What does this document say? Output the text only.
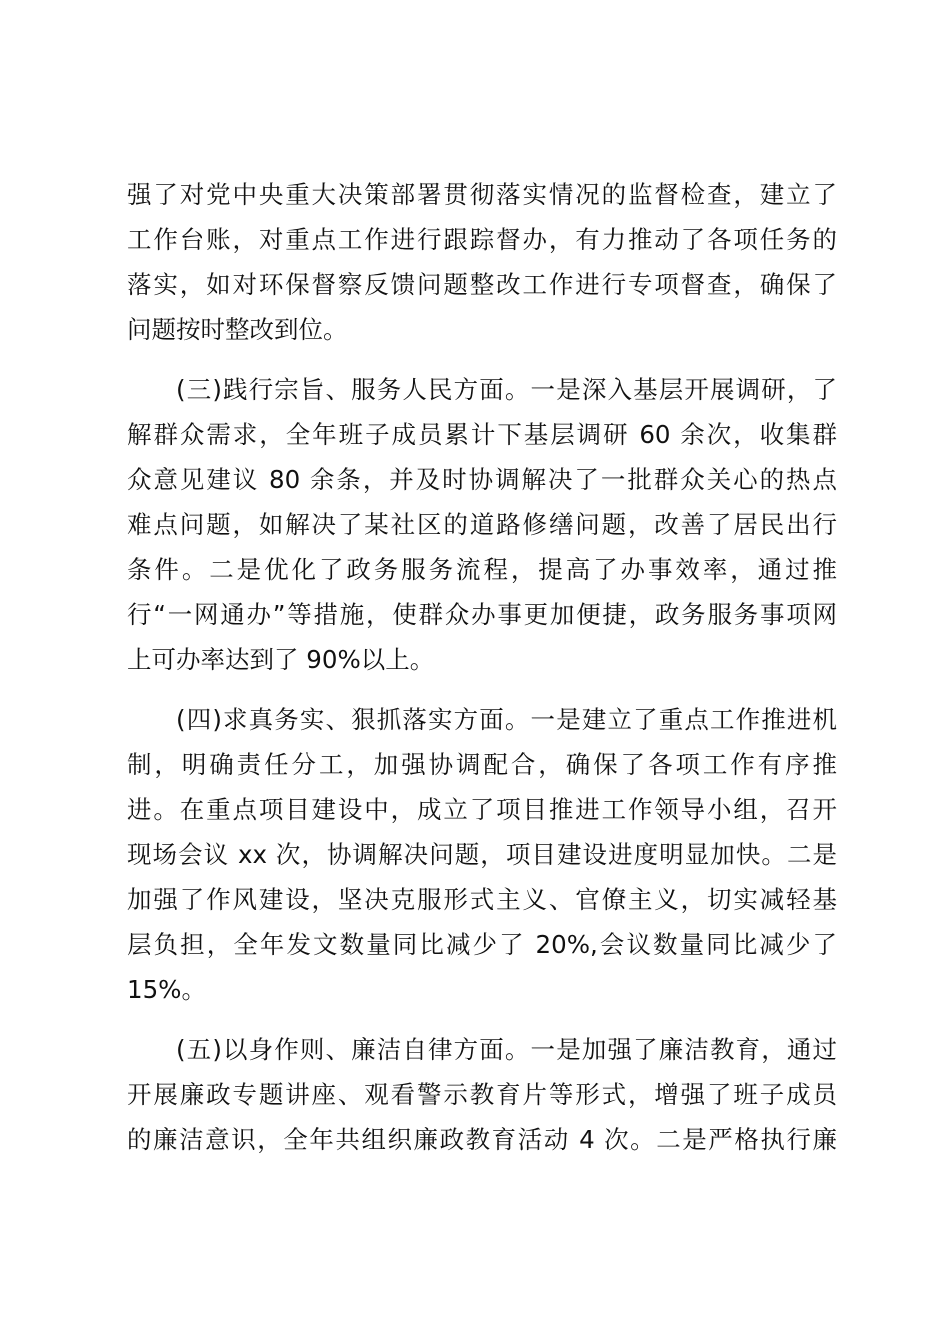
强了对党中央重大决策部署贯彻落实情况的监督检查，建立了
工作台账，对重点工作进行跟踪督办，有力推动了各项任务的
落实，如对环保督察反馈问题整改工作进行专项督查，确保了
问题按时整改到位。
(三)践行宗旨、服务人民方面。一是深入基层开展调研，了
解群众需求，全年班子成员累计下基层调研 60 余次，收集群
众意见建议 80 余条，并及时协调解决了一批群众关心的热点
难点问题，如解决了某社区的道路修缮问题，改善了居民出行
条件。二是优化了政务服务流程，提高了办事效率，通过推
行“一网通办”等措施，使群众办事更加便捷，政务服务事项网
上可办率达到了 90%以上。
(四)求真务实、狠抓落实方面。一是建立了重点工作推进机
制，明确责任分工，加强协调配合，确保了各项工作有序推
进。在重点项目建设中，成立了项目推进工作领导小组，召开
现场会议 xx 次，协调解决问题，项目建设进度明显加快。二是
加强了作风建设，坚决克服形式主义、官僚主义，切实减轻基
层负担，全年发文数量同比减少了 20%,会议数量同比减少了
15%。
(五)以身作则、廉洁自律方面。一是加强了廉洁教育，通过
开展廉政专题讲座、观看警示教育片等形式，增强了班子成员
的廉洁意识，全年共组织廉政教育活动 4 次。二是严格执行廉
